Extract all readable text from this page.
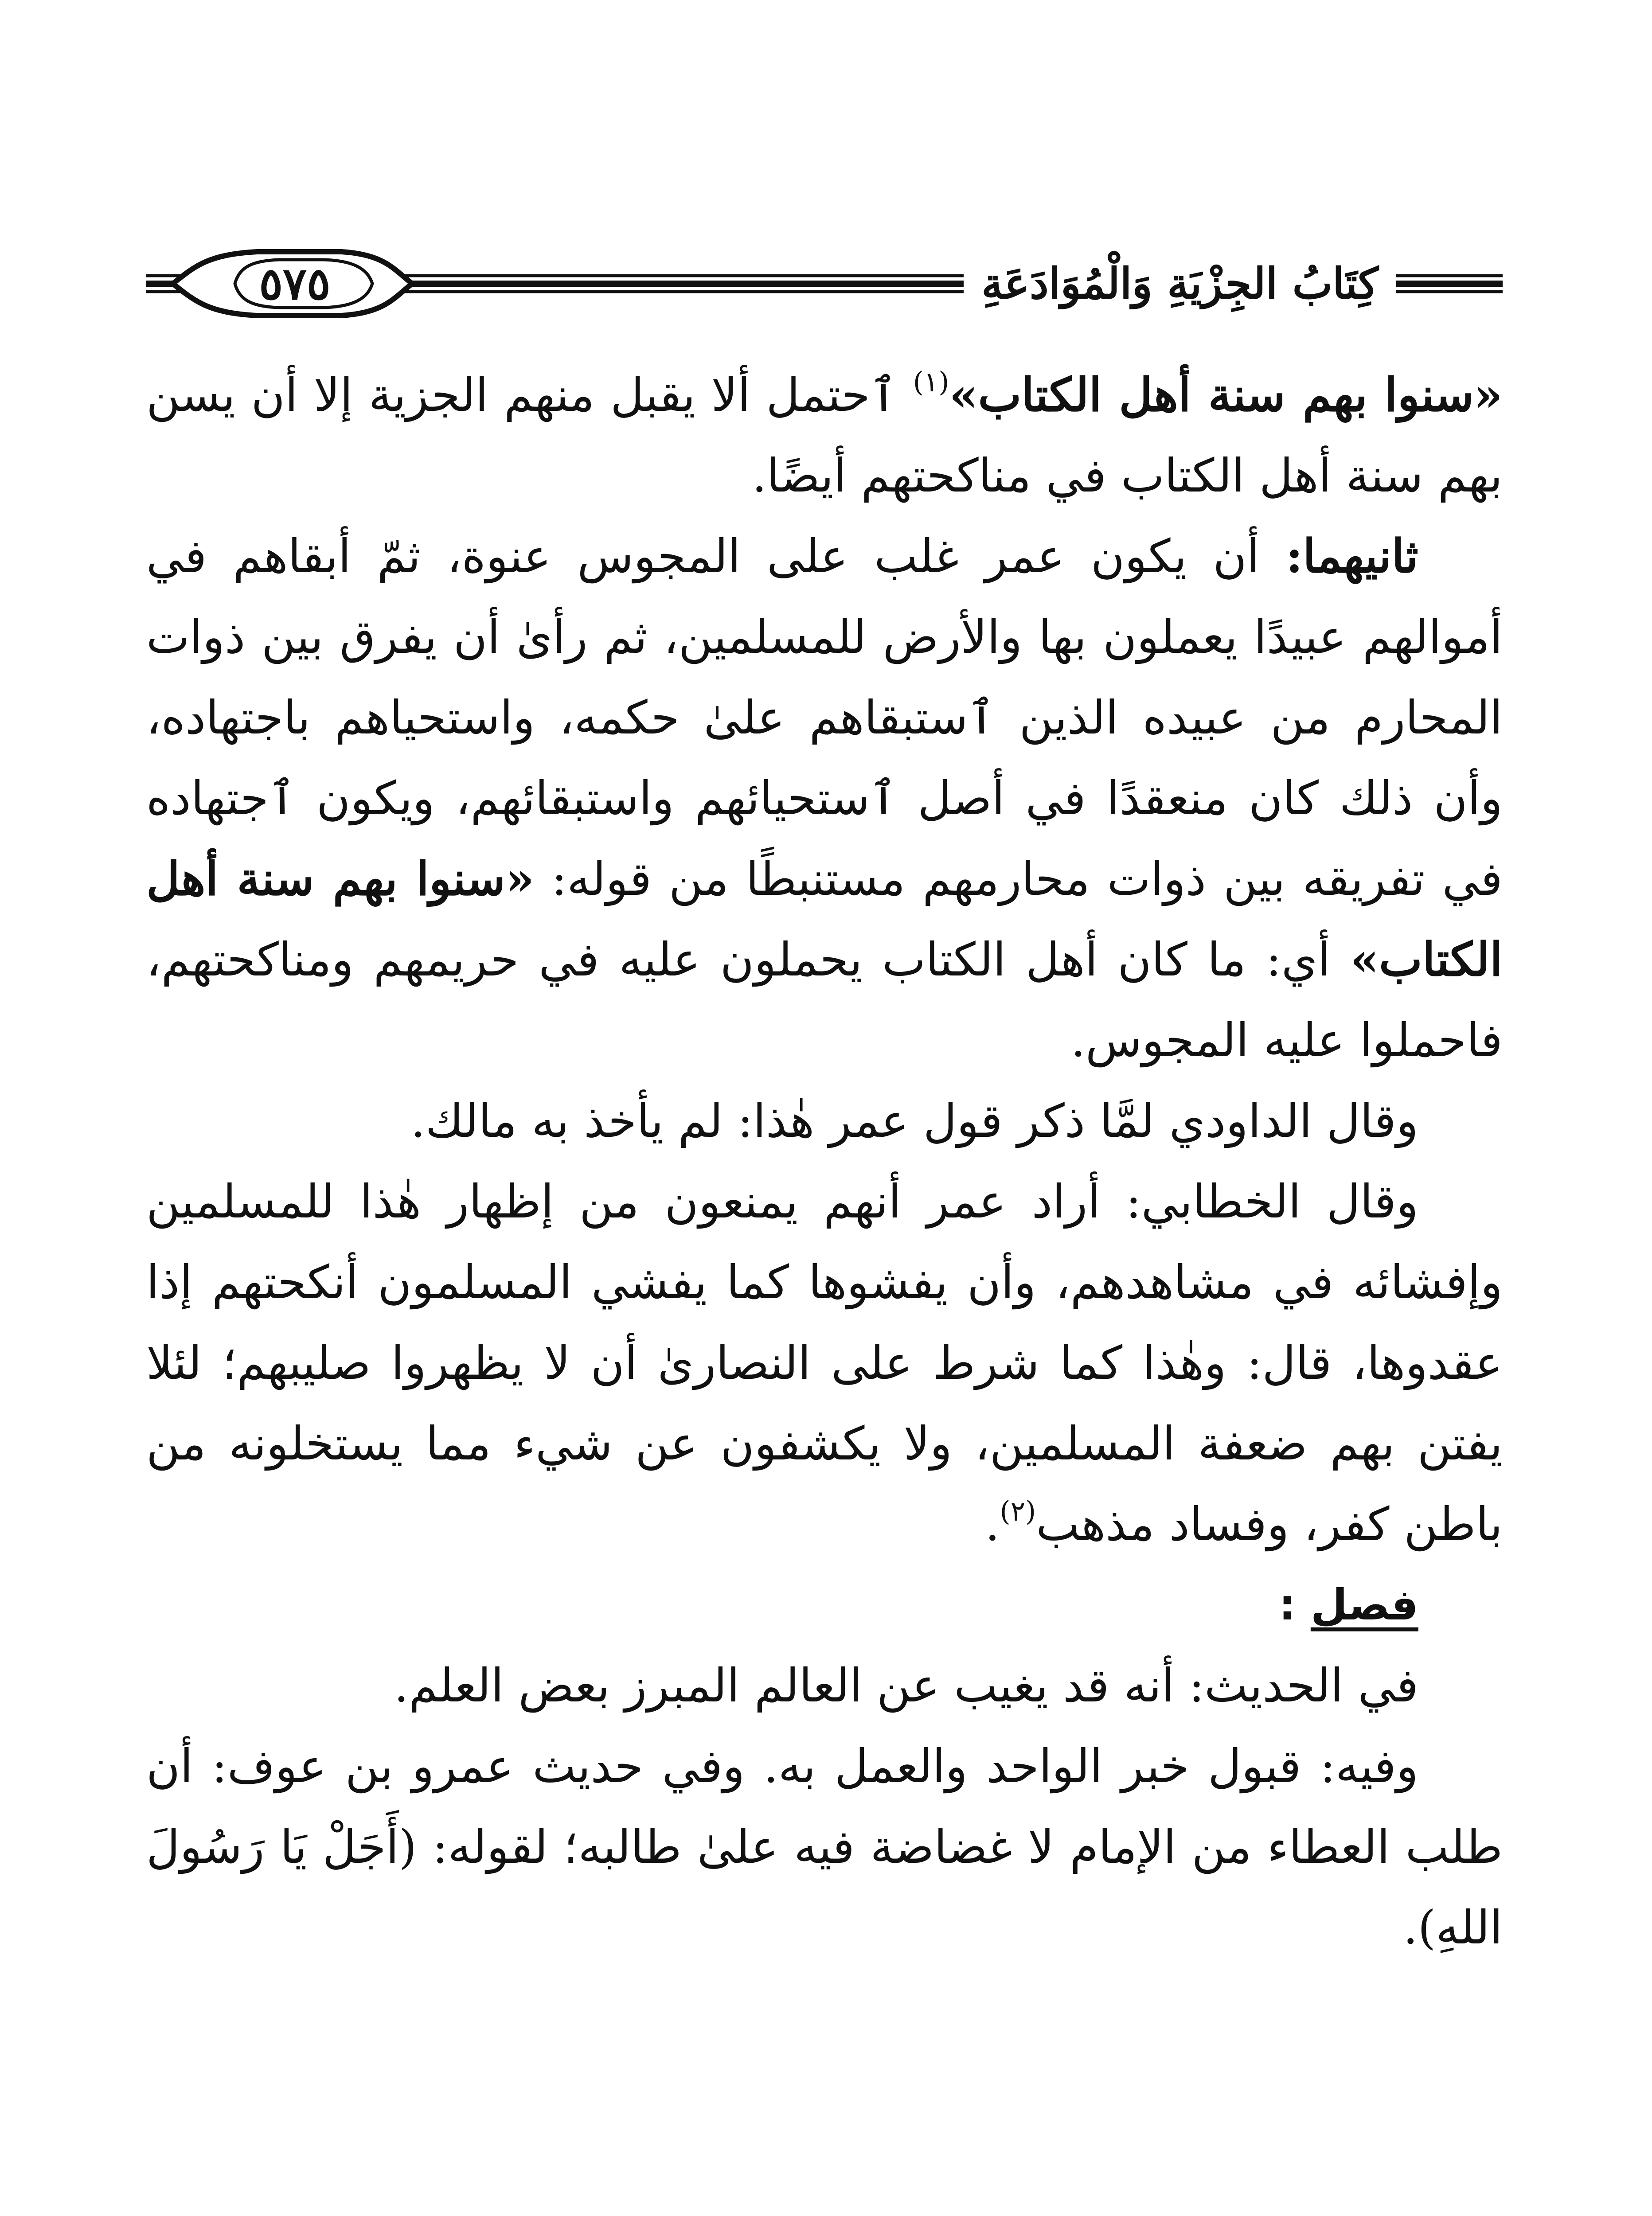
كِتَابُ الجِزْيَةِ وَالْمُوَادَعَةِ
٥٧٥

«سنوا بهم سنة أهل الكتاب»$^{(١)}$ ٱحتمل ألا يقبل منهم الجزية إلا أن يسن بهم سنة أهل الكتاب في مناكحتهم أيضًا.

ثانيهما: أن يكون عمر غلب على المجوس عنوة، ثمّ أبقاهم في أموالهم عبيدًا يعملون بها والأرض للمسلمين، ثم رأىٰ أن يفرق بين ذوات المحارم من عبيده الذين ٱستبقاهم علىٰ حكمه، واستحياهم باجتهاده، وأن ذلك كان منعقدًا في أصل ٱستحيائهم واستبقائهم، ويكون ٱجتهاده في تفريقه بين ذوات محارمهم مستنبطًا من قوله: «سنوا بهم سنة أهل الكتاب» أي: ما كان أهل الكتاب يحملون عليه في حريمهم ومناكحتهم، فاحملوا عليه المجوس.

وقال الداودي لمَّا ذكر قول عمر هٰذا: لم يأخذ به مالك.

وقال الخطابي: أراد عمر أنهم يمنعون من إظهار هٰذا للمسلمين وإفشائه في مشاهدهم، وأن يفشوها كما يفشي المسلمون أنكحتهم إذا عقدوها، قال: وهٰذا كما شرط على النصارىٰ أن لا يظهروا صليبهم؛ لئلا يفتن بهم ضعفة المسلمين، ولا يكشفون عن شيء مما يستخلونه من باطن كفر، وفساد مذهب$^{(٢)}$.

فصل :

في الحديث: أنه قد يغيب عن العالم المبرز بعض العلم.

وفيه: قبول خبر الواحد والعمل به. وفي حديث عمرو بن عوف: أن طلب العطاء من الإمام لا غضاضة فيه علىٰ طالبه؛ لقوله: (أَجَلْ يَا رَسُولَ اللهِ).
